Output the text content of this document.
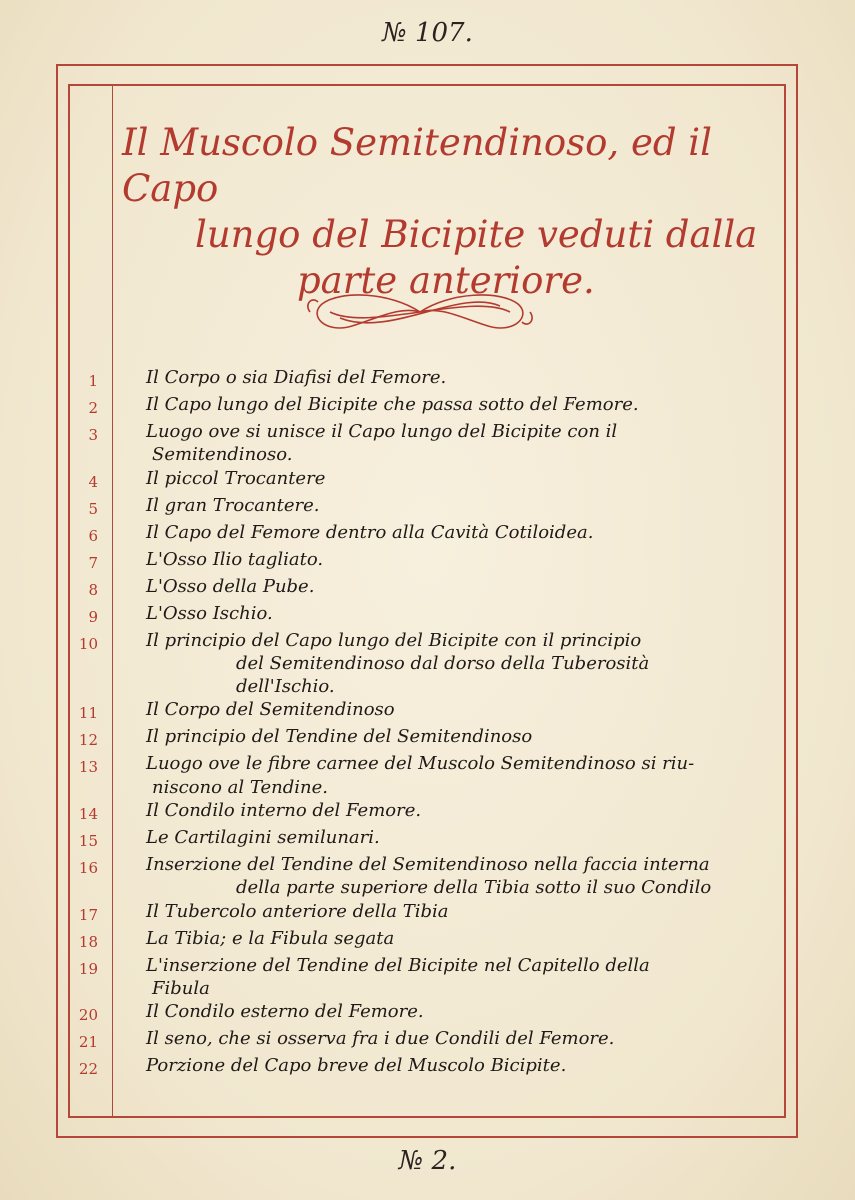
№ 107.
Il Muscolo Semitendinoso, ed il Capo
lungo del Bicipite veduti dalla
parte anteriore.
1	Il Corpo o sia Diafisi del Femore.
2	Il Capo lungo del Bicipite che passa sotto del Femore.
3	Luogo ove si unisce il Capo lungo del Bicipite con il
Semitendinoso.
4	Il piccol Trocantere
5	Il gran Trocantere.
6	Il Capo del Femore dentro alla Cavità Cotiloidea.
7	L'Osso Ilio tagliato.
8	L'Osso della Pube.
9	L'Osso Ischio.
10	Il principio del Capo lungo del Bicipite con il principio
del Semitendinoso dal dorso della Tuberosità
dell'Ischio.
11	Il Corpo del Semitendinoso
12	Il principio del Tendine del Semitendinoso
13	Luogo ove le fibre carnee del Muscolo Semitendinoso si riu-
niscono al Tendine.
14	Il Condilo interno del Femore.
15	Le Cartilagini semilunari.
16	Inserzione del Tendine del Semitendinoso nella faccia interna
della parte superiore della Tibia sotto il suo Condilo
17	Il Tubercolo anteriore della Tibia
18	La Tibia; e la Fibula segata
19	L'inserzione del Tendine del Bicipite nel Capitello della
Fibula
20	Il Condilo esterno del Femore.
21	Il seno, che si osserva fra i due Condili del Femore.
22	Porzione del Capo breve del Muscolo Bicipite.
№ 2.
